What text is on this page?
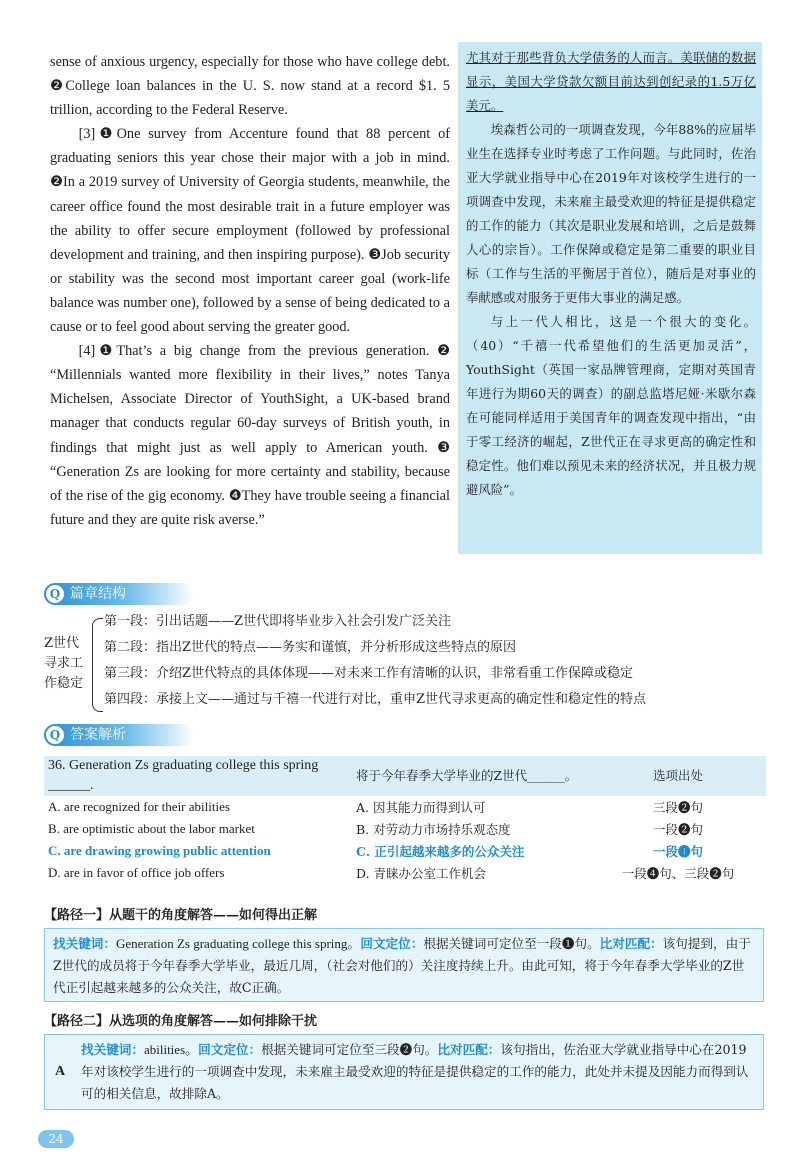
sense of anxious urgency, especially for those who have college debt. ❷College loan balances in the U. S. now stand at a record $1. 5 trillion, according to the Federal Reserve.

[3]❶One survey from Accenture found that 88 percent of graduating seniors this year chose their major with a job in mind. ❷In a 2019 survey of University of Georgia students, meanwhile, the career office found the most desirable trait in a future employer was the ability to offer secure employment (followed by professional development and training, and then inspiring purpose). ❸Job security or stability was the second most important career goal (work-life balance was number one), followed by a sense of being dedicated to a cause or to feel good about serving the greater good.

[4]❶That’s a big change from the previous generation. ❷ “Millennials wanted more flexibility in their lives,” notes Tanya Michelsen, Associate Director of YouthSight, a UK-based brand manager that conducts regular 60-day surveys of British youth, in findings that might just as well apply to American youth. ❸ “Generation Zs are looking for more certainty and stability, because of the rise of the gig economy. ❹They have trouble seeing a financial future and they are quite risk averse.”

尤其对于那些背负大学债务的人而言。美联储的数据显示，美国大学贷款欠额目前达到创纪录的1.5万亿美元。

埃森哲公司的一项调查发现，今年88%的应届毕业生在选择专业时考虑了工作问题。与此同时，佐治亚大学就业指导中心在2019年对该校学生进行的一项调查中发现，未来雇主最受欢迎的特征是提供稳定的工作的能力（其次是职业发展和培训，之后是鼓舞人心的宗旨）。工作保障或稳定是第二重要的职业目标（工作与生活的平衡居于首位），随后是对事业的奉献感或对服务于更伟大事业的满足感。

与上一代人相比，这是一个很大的变化。（40）“千禧一代希望他们的生活更加灵活”，YouthSight（英国一家品牌管理商，定期对英国青年进行为期60天的调查）的副总监塔尼娅·米歇尔森在可能同样适用于美国青年的调查发现中指出，“由于零工经济的崛起，Z世代正在寻求更高的确定性和稳定性。他们难以预见未来的经济状况，并且极力规避风险”。

Q 篇章结构
Z世代寻求工作稳定
第一段：引出话题——Z世代即将毕业步入社会引发广泛关注
第二段：指出Z世代的特点——务实和谨慎，并分析形成这些特点的原因
第三段：介绍Z世代特点的具体体现——对未来工作有清晰的认识，非常看重工作保障或稳定
第四段：承接上文——通过与千禧一代进行对比，重申Z世代寻求更高的确定性和稳定性的特点
Q 答案解析
36. Generation Zs graduating college this spring ______.	将于今年春季大学毕业的Z世代______。	选项出处
A. are recognized for their abilities	A. 因其能力而得到认可	三段❷句
B. are optimistic about the labor market	B. 对劳动力市场持乐观态度	一段❷句
C. are drawing growing public attention	C. 正引起越来越多的公众关注	一段❶句
D. are in favor of office job offers	D. 青睐办公室工作机会	一段❹句、三段❷句
【路径一】从题干的角度解答——如何得出正解
找关键词：Generation Zs graduating college this spring。回文定位：根据关键词可定位至一段❶句。比对匹配：该句提到，由于Z世代的成员将于今年春季大学毕业，最近几周，（社会对他们的）关注度持续上升。由此可知，将于今年春季大学毕业的Z世代正引起越来越多的公众关注，故C正确。
【路径二】从选项的角度解答——如何排除干扰
A
找关键词：abilities。回文定位：根据关键词可定位至三段❷句。比对匹配：该句指出，佐治亚大学就业指导中心在2019年对该校学生进行的一项调查中发现，未来雇主最受欢迎的特征是提供稳定的工作的能力，此处并未提及因能力而得到认可的相关信息，故排除A。
24
